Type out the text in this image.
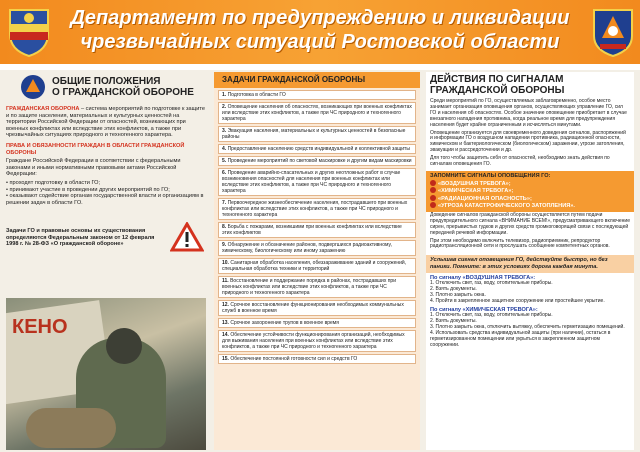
Департамент по предупреждению и ликвидации
чрезвычайных ситуаций Ростовской области
ОБЩИЕ ПОЛОЖЕНИЯ
О ГРАЖДАНСКОЙ ОБОРОНЕ

ГРАЖДАНСКАЯ ОБОРОНА – система мероприятий по подготовке к защите и по защите населения, материальных и культурных ценностей на территории Российской Федерации от опасностей, возникающих при военных конфликтах или вследствие этих конфликтов, а также при чрезвычайных ситуациях природного и техногенного характера.

ПРАВА И ОБЯЗАННОСТИ ГРАЖДАН В ОБЛАСТИ ГРАЖДАНСКОЙ ОБОРОНЫ

Граждане Российской Федерации в соответствии с федеральными законами и иными нормативными правовыми актами Российской Федерации:

• проходят подготовку в области ГО;
• принимают участие в проведении других мероприятий по ГО;
• оказывают содействие органам государственной власти и организациям в решении задач в области ГО.
Задачи ГО и правовые основы их существования определяются Федеральным законом от 12 февраля 1998 г. № 28-ФЗ «О гражданской обороне»
КЕНО
ЗАДАЧИ ГРАЖДАНСКОЙ ОБОРОНЫ
1. Подготовка в области ГО
2. Оповещение населения об опасностях, возникающих при военных конфликтах или вследствие этих конфликтов, а также при ЧС природного и техногенного характера
3. Эвакуация населения, материальных и культурных ценностей в безопасные районы
4. Предоставление населению средств индивидуальной и коллективной защиты
5. Проведение мероприятий по световой маскировке и другим видам маскировки
6. Проведение аварийно-спасательных и других неотложных работ в случае возникновения опасностей для населения при военных конфликтах или вследствие этих конфликтов, а также при ЧС природного и техногенного характера
7. Первоочередное жизнеобеспечение населения, пострадавшего при военных конфликтах или вследствие этих конфликтов, а также при ЧС природного и техногенного характера
8. Борьба с пожарами, возникшими при военных конфликтах или вследствие этих конфликтов
9. Обнаружение и обозначение районов, подвергшихся радиоактивному, химическому, биологическому или иному заражению
10. Санитарная обработка населения, обеззараживание зданий и сооружений, специальная обработка техники и территорий
11. Восстановление и поддержание порядка в районах, пострадавших при военных конфликтах или вследствие этих конфликтов, а также при ЧС природного и техногенного характера
12. Срочное восстановление функционирования необходимых коммунальных служб в военное время
13. Срочное захоронение трупов в военное время
14. Обеспечение устойчивости функционирования организаций, необходимых для выживания населения при военных конфликтах или вследствие этих конфликтов, а также при ЧС природного и техногенного характера
15. Обеспечение постоянной готовности сил и средств ГО
ДЕЙСТВИЯ ПО СИГНАЛАМ
ГРАЖДАНСКОЙ ОБОРОНЫ

Среди мероприятий по ГО, осуществляемых заблаговременно, особое место занимает организация оповещения органов, осуществляющих управление ГО, сил ГО и населения об опасностях. Особое значение оповещение приобретает в случае внезапного нападения противника, когда реальное время для предупреждения населения будет крайне ограниченным и исчисляться минутами.

Оповещение организуется для своевременного доведения сигналов, распоряжений и информации ГО о воздушном нападении противника, радиационной опасности, химическом и бактериологическом (биологическом) заражении, угрозе затопления, эвакуации и рассредоточении и др.

Для того чтобы защитить себя от опасностей, необходимо знать действия по сигналам оповещения ГО.

ЗАПОМНИТЕ СИГНАЛЫ ОПОВЕЩЕНИЯ ГО:
«ВОЗДУШНАЯ ТРЕВОГА»;
«ХИМИЧЕСКАЯ ТРЕВОГА»;
«РАДИАЦИОННАЯ ОПАСНОСТЬ»;
«УГРОЗА КАТАСТРОФИЧЕСКОГО ЗАТОПЛЕНИЯ».

Доведение сигналов гражданской обороны осуществляется путем подачи предупредительного сигнала «ВНИМАНИЕ ВСЕМ!», предусматривающего включение сирен, прерывистых гудков и других средств громкоговорящей связи с последующей передачей речевой информации.

При этом необходимо включить телевизор, радиоприемник, репродуктор радиотрансляционной сети и прослушать сообщение компетентных органов.

Услышав сигнал оповещения ГО, действуйте быстро, но без паники. Помните: в этих условиях дорога каждая минута.
По сигналу «ВОЗДУШНАЯ ТРЕВОГА»:
1. Отключить свет, газ, воду, отопительные приборы.
2. Взять документы.
3. Плотно закрыть окна.
4. Пройти в закрепленное защитное сооружение или простейшее укрытие.
По сигналу «ХИМИЧЕСКАЯ ТРЕВОГА»:
1. Отключить свет, газ, воду, отопительные приборы.
2. Взять документы.
3. Плотно закрыть окна, отключить вытяжку, обеспечить герметизацию помещений.
4. Использовать средства индивидуальной защиты (при наличии), остаться в герметизированном помещении или укрыться в закрепленном защитном сооружении.
